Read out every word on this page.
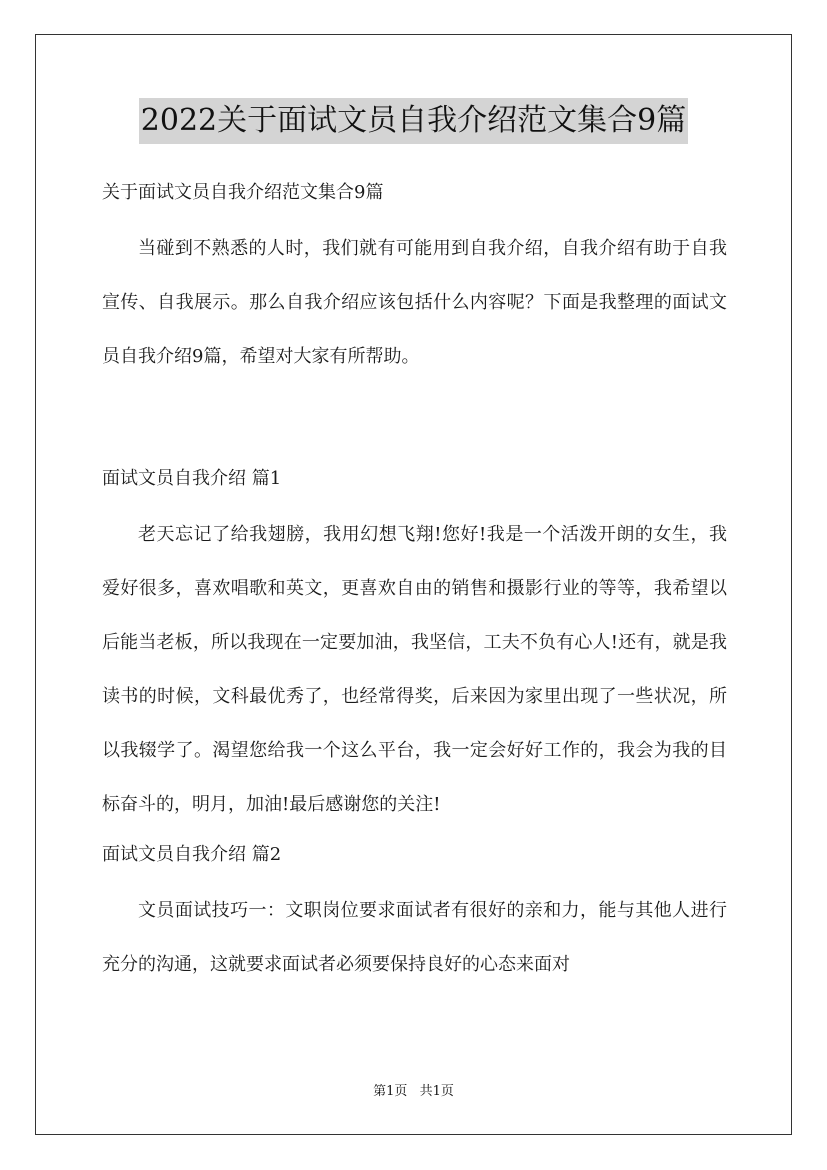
2022关于面试文员自我介绍范文集合9篇

关于面试文员自我介绍范文集合9篇

当碰到不熟悉的人时，我们就有可能用到自我介绍，自我介绍有助于自我宣传、自我展示。那么自我介绍应该包括什么内容呢？下面是我整理的面试文员自我介绍9篇，希望对大家有所帮助。

面试文员自我介绍 篇1

老天忘记了给我翅膀，我用幻想飞翔!您好!我是一个活泼开朗的女生，我爱好很多，喜欢唱歌和英文，更喜欢自由的销售和摄影行业的等等，我希望以后能当老板，所以我现在一定要加油，我坚信，工夫不负有心人!还有，就是我读书的时候，文科最优秀了，也经常得奖，后来因为家里出现了一些状况，所以我辍学了。渴望您给我一个这么平台，我一定会好好工作的，我会为我的目标奋斗的，明月，加油!最后感谢您的关注!

面试文员自我介绍 篇2

文员面试技巧一：文职岗位要求面试者有很好的亲和力，能与其他人进行充分的沟通，这就要求面试者必须要保持良好的心态来面对

第1页 共1页
